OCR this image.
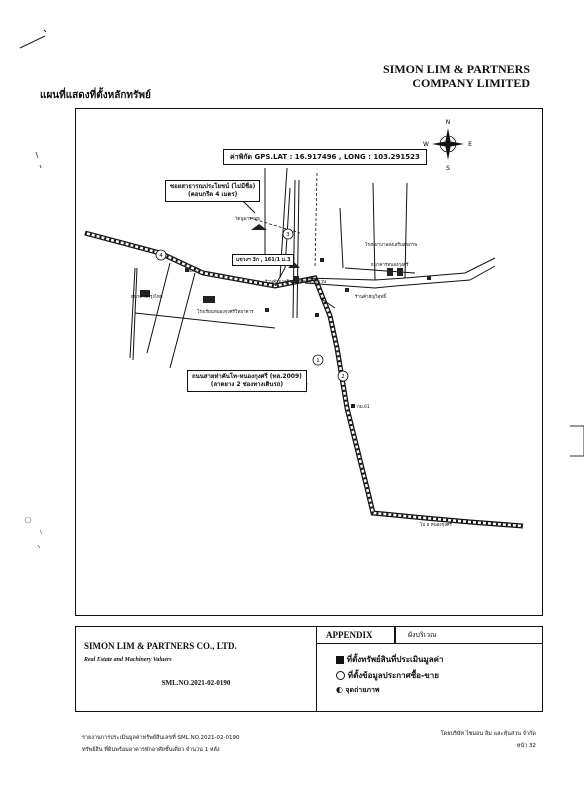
SIMON LIM & PARTNERS
COMPANY LIMITED
แผนที่แสดงที่ตั้งหลักทรัพย์
N
S
W	E
4
3
1
2
กม.55
กม.61
ไป อ.หนองกุงศรี
วัดนูพาราสุข
โรงพยาบาลส่งเสริมสุขภาพ
ธนาคารหนองกุงศรี
ร้านค้ายัญวิสุทธิ์
เซเว่นอีเลฟเว่น
ธนาคารกรุงไทย
ร้านค้ามาลูฐิจ
โรงเรียนหนองกุงศรีวิทยาคาร
ค่าพิกัด GPS.LAT : 16.917496 , LONG : 103.291523
ซอยสาธารณประโยชน์ (ไม่มีชื่อ)
(คอนกรีต 4 เมตร)
แขวงฯ 3ก , 161/1 ม.3
ถนนสายท่าคันโท-หนองกุงศรี (ทล.2009)
(ลาดยาง 2 ช่องทางเดินรถ)
SIMON LIM & PARTNERS CO., LTD.
Real Estate and Machinery Valuers
SML.NO.2021-02-0190
APPENDIX	ผังบริเวณ
ที่ตั้งทรัพย์สินที่ประเมินมูลค่า
ที่ตั้งข้อมูลประกาศซื้อ-ขาย
◐ จุดถ่ายภาพ
รายงานการประเมินมูลค่าทรัพย์สินเลขที่ SML.NO.2021-02-0190
ทรัพย์สิน ที่ดินพร้อมอาคารพักอาศัยชั้นเดียว จำนวน 1 หลัง
โดยบริษัท ไซมอน ลิม และหุ้นส่วน จำกัด
หน้า 32
